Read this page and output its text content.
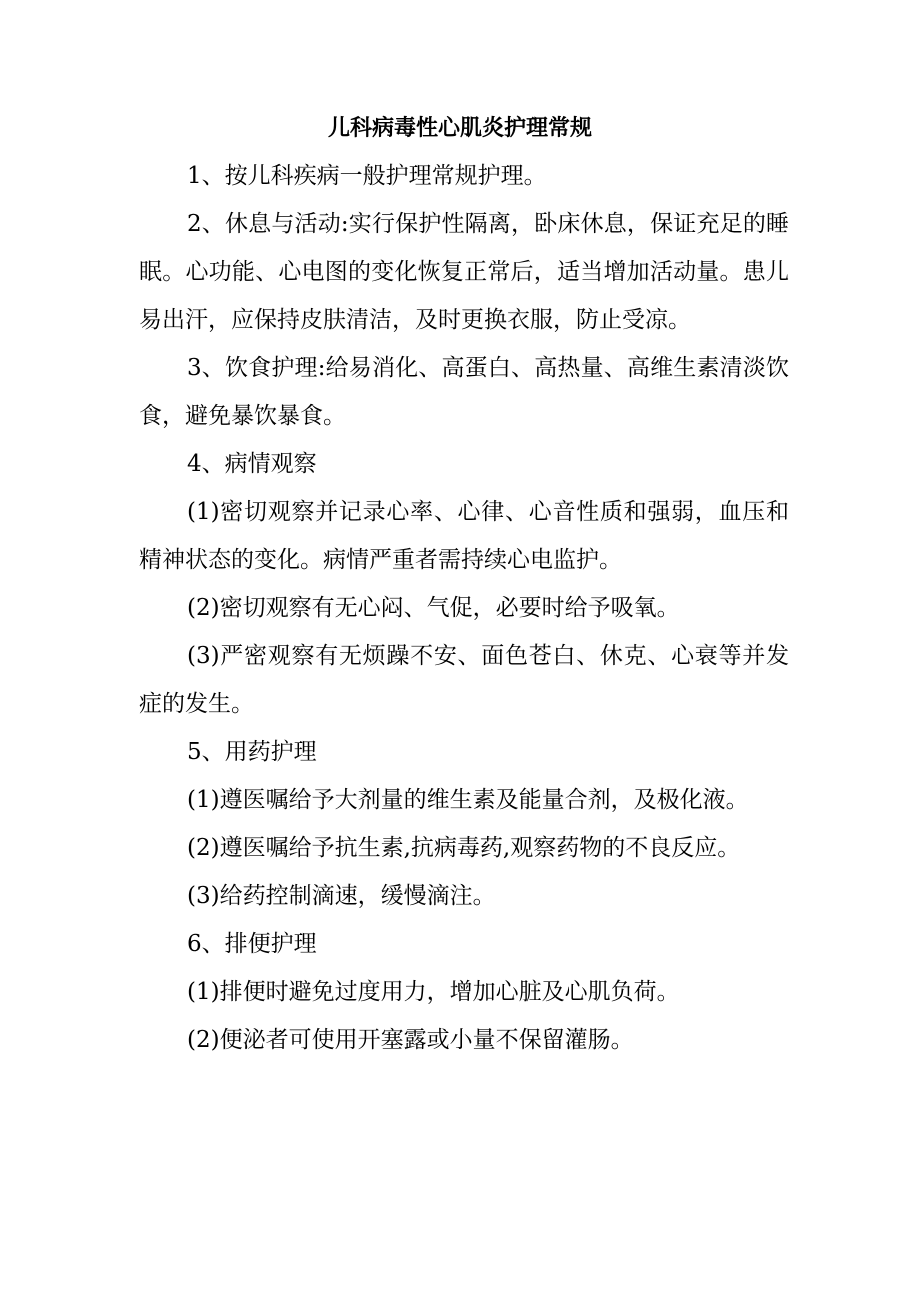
儿科病毒性心肌炎护理常规

1、按儿科疾病一般护理常规护理。

2、休息与活动:实行保护性隔离，卧床休息，保证充足的睡眠。心功能、心电图的变化恢复正常后，适当增加活动量。患儿易出汗，应保持皮肤清洁，及时更换衣服，防止受凉。

3、饮食护理:给易消化、高蛋白、高热量、高维生素清淡饮食，避免暴饮暴食。

4、病情观察

(1)密切观察并记录心率、心律、心音性质和强弱，血压和精神状态的变化。病情严重者需持续心电监护。

(2)密切观察有无心闷、气促，必要时给予吸氧。

(3)严密观察有无烦躁不安、面色苍白、休克、心衰等并发症的发生。

5、用药护理

(1)遵医嘱给予大剂量的维生素及能量合剂，及极化液。

(2)遵医嘱给予抗生素,抗病毒药,观察药物的不良反应。

(3)给药控制滴速，缓慢滴注。

6、排便护理

(1)排便时避免过度用力，增加心脏及心肌负荷。

(2)便泌者可使用开塞露或小量不保留灌肠。
